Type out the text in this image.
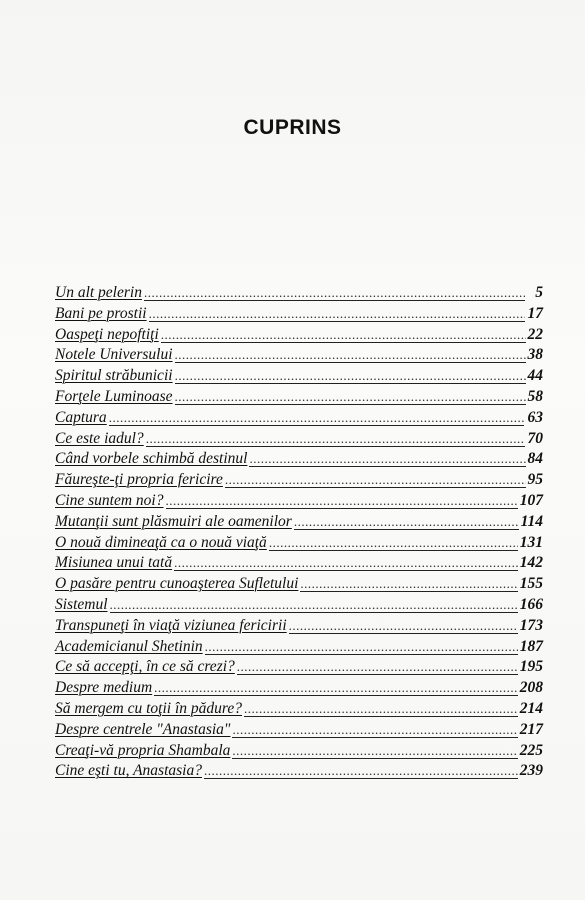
CUPRINS
Un alt pelerin .....	5
Bani pe prostii .....	17
Oaspeţi nepoftiţi .....	22
Notele Universului .....	38
Spiritul străbunicii .....	44
Forţele Luminoase .....	58
Captura .....	63
Ce este iadul? .....	70
Când vorbele schimbă destinul .....	84
Făureşte-ţi propria fericire .....	95
Cine suntem noi? .....	107
Mutanţii sunt plăsmuiri ale oamenilor .....	114
O nouă dimineaţă ca o nouă viaţă .....	131
Misiunea unui tată .....	142
O pasăre pentru cunoaşterea Sufletului .....	155
Sistemul .....	166
Transpuneţi în viaţă viziunea fericirii .....	173
Academicianul Shetinin .....	187
Ce să accepţi, în ce să crezi? .....	195
Despre medium .....	208
Să mergem cu toţii în pădure? .....	214
Despre centrele "Anastasia" .....	217
Creaţi-vă propria Shambala .....	225
Cine eşti tu, Anastasia? .....	239
